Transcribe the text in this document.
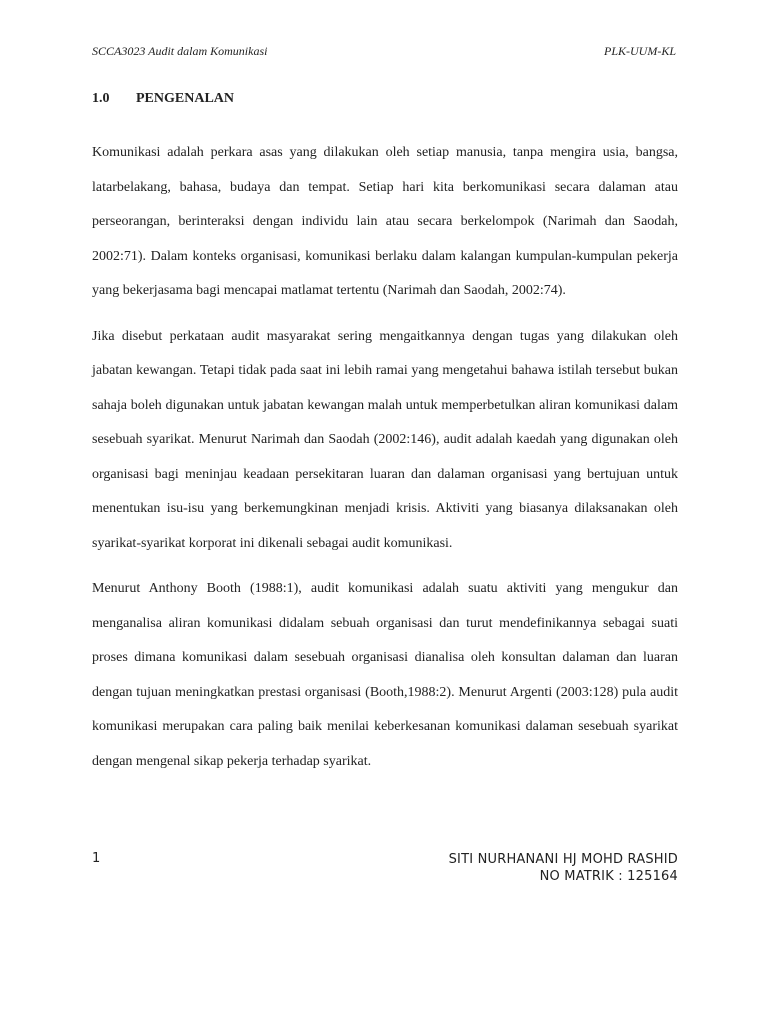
SCCA3023 Audit dalam Komunikasi	PLK-UUM-KL
1.0 PENGENALAN

Komunikasi adalah perkara asas yang dilakukan oleh setiap manusia, tanpa mengira usia, bangsa, latarbelakang, bahasa, budaya dan tempat. Setiap hari kita berkomunikasi secara dalaman atau perseorangan, berinteraksi dengan individu lain atau secara berkelompok (Narimah dan Saodah, 2002:71). Dalam konteks organisasi, komunikasi berlaku dalam kalangan kumpulan-kumpulan pekerja yang bekerjasama bagi mencapai matlamat tertentu (Narimah dan Saodah, 2002:74).

Jika disebut perkataan audit masyarakat sering mengaitkannya dengan tugas yang dilakukan oleh jabatan kewangan. Tetapi tidak pada saat ini lebih ramai yang mengetahui bahawa istilah tersebut bukan sahaja boleh digunakan untuk jabatan kewangan malah untuk memperbetulkan aliran komunikasi dalam sesebuah syarikat. Menurut Narimah dan Saodah (2002:146), audit adalah kaedah yang digunakan oleh organisasi bagi meninjau keadaan persekitaran luaran dan dalaman organisasi yang bertujuan untuk menentukan isu-isu yang berkemungkinan menjadi krisis. Aktiviti yang biasanya dilaksanakan oleh syarikat-syarikat korporat ini dikenali sebagai audit komunikasi.

Menurut Anthony Booth (1988:1), audit komunikasi adalah suatu aktiviti yang mengukur dan menganalisa aliran komunikasi didalam sebuah organisasi dan turut mendefinikannya sebagai suati proses dimana komunikasi dalam sesebuah organisasi dianalisa oleh konsultan dalaman dan luaran dengan tujuan meningkatkan prestasi organisasi (Booth,1988:2). Menurut Argenti (2003:128) pula audit komunikasi merupakan cara paling baik menilai keberkesanan komunikasi dalaman sesebuah syarikat dengan mengenal sikap pekerja terhadap syarikat.

1	SITI NURHANANI HJ MOHD RASHID
NO MATRIK : 125164
